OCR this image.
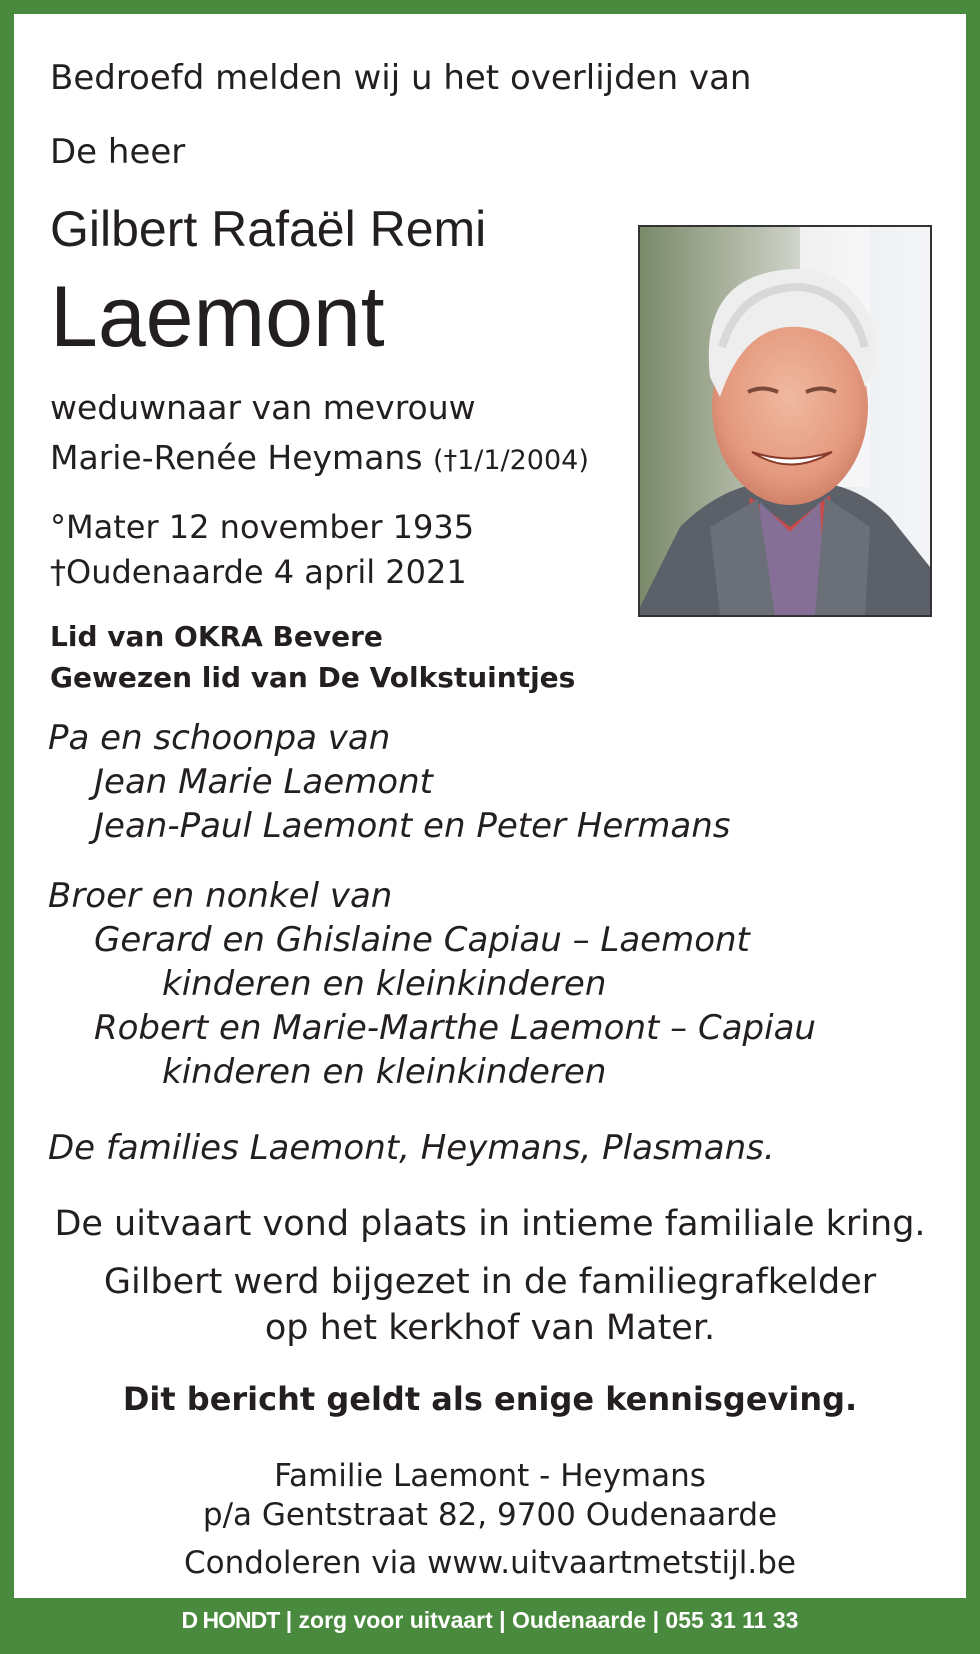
Bedroefd melden wij u het overlijden van
De heer
Gilbert Rafaël Remi
Laemont
weduwnaar van mevrouw
Marie-Renée Heymans (†1/1/2004)
°Mater 12 november 1935
†Oudenaarde 4 april 2021
Lid van OKRA Bevere
Gewezen lid van De Volkstuintjes
Pa en schoonpa van
Jean Marie Laemont
Jean-Paul Laemont en Peter Hermans
Broer en nonkel van
Gerard en Ghislaine Capiau – Laemont
kinderen en kleinkinderen
Robert en Marie-Marthe Laemont – Capiau
kinderen en kleinkinderen
De families Laemont, Heymans, Plasmans.
De uitvaart vond plaats in intieme familiale kring.
Gilbert werd bijgezet in de familiegrafkelder
op het kerkhof van Mater.
Dit bericht geldt als enige kennisgeving.
Familie Laemont - Heymans
p/a Gentstraat 82, 9700 Oudenaarde
Condoleren via www.uitvaartmetstijl.be
D HONDT | zorg voor uitvaart | Oudenaarde | 055 31 11 33
